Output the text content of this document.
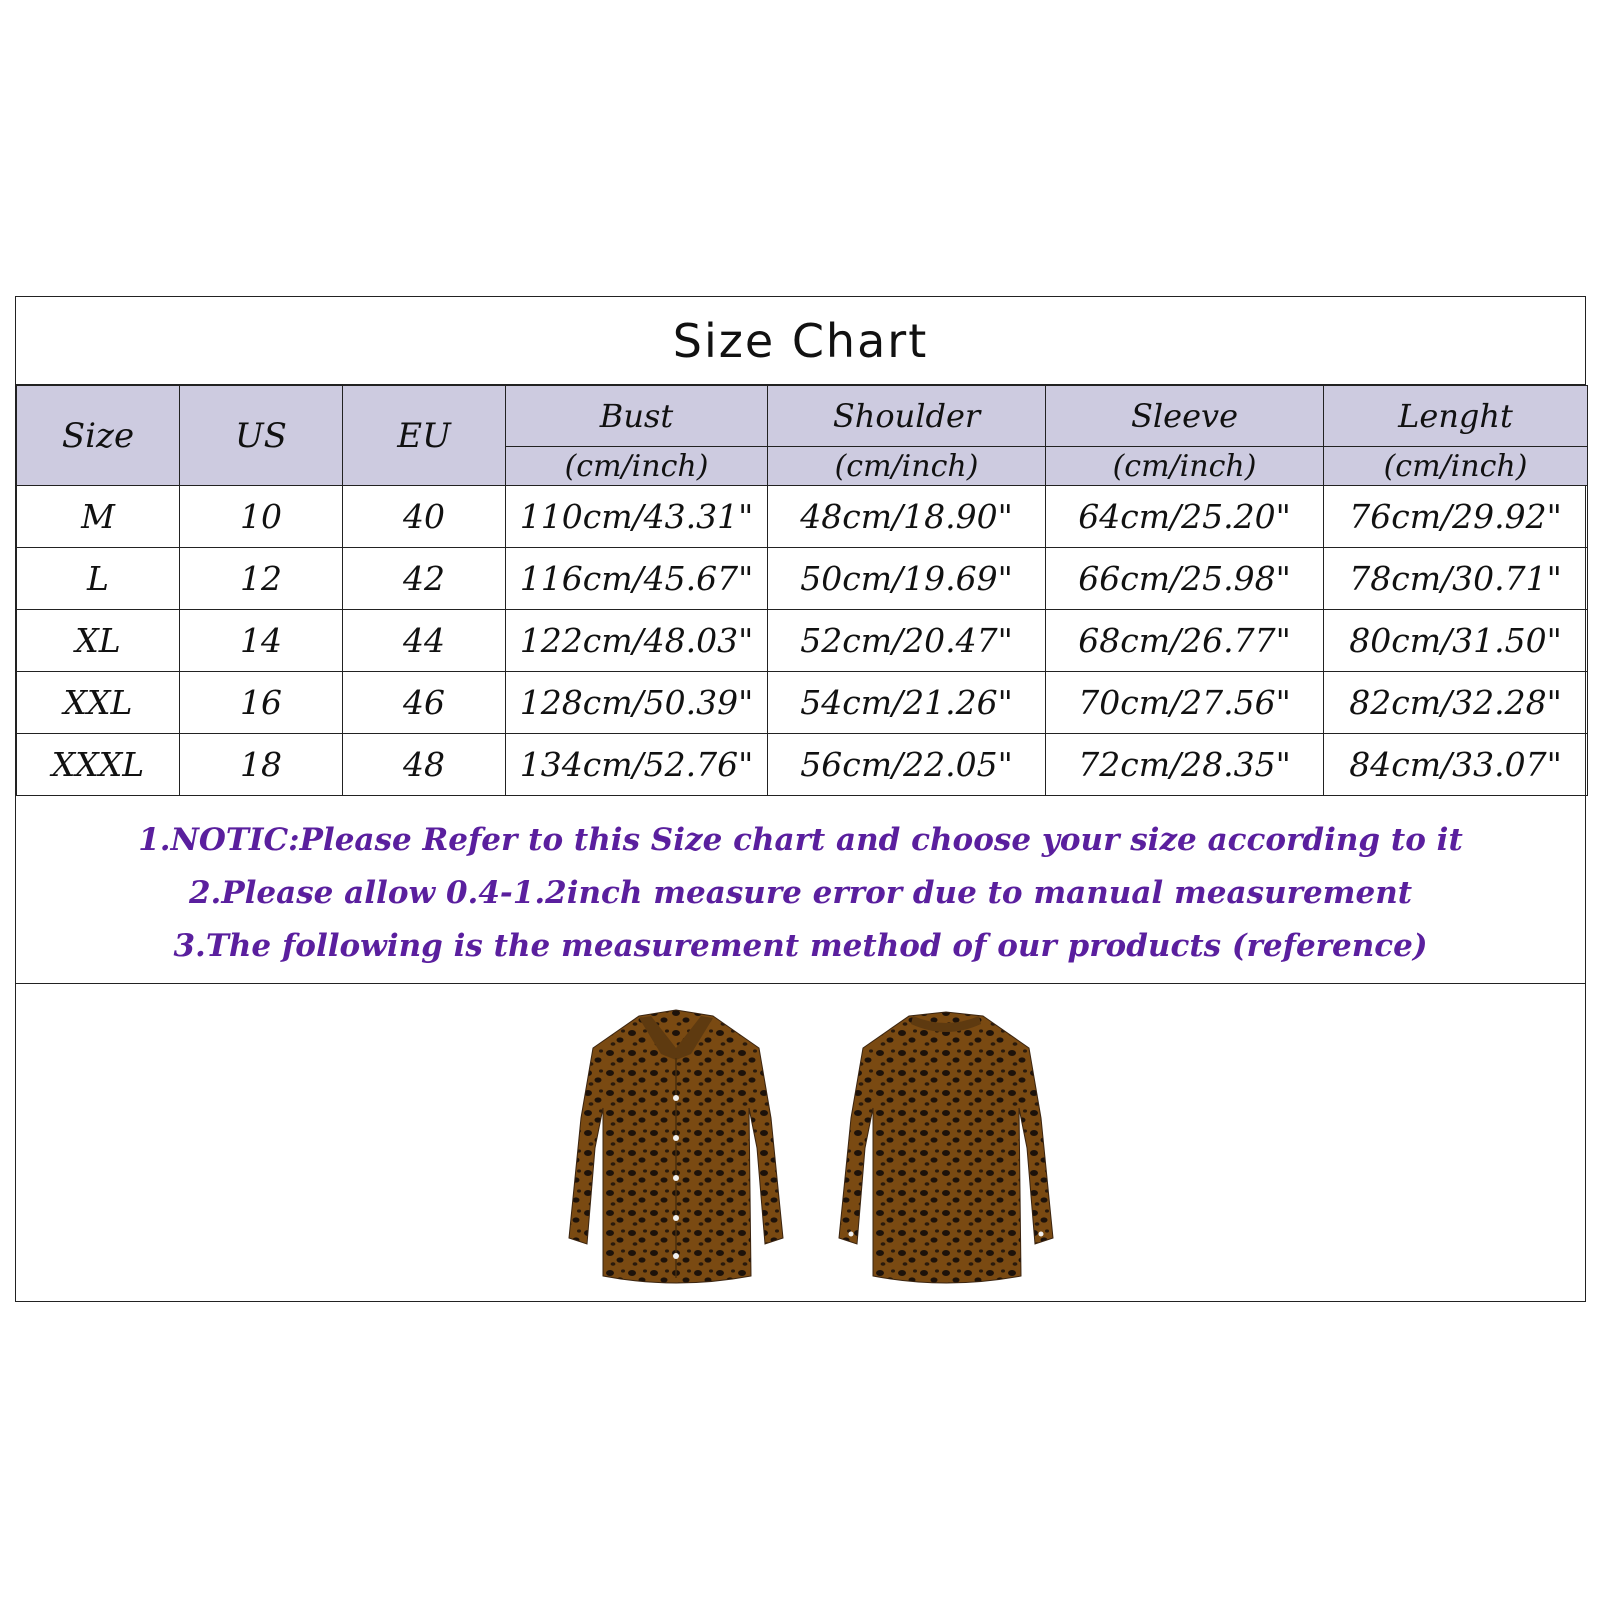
Size Chart
Size	US	EU	Bust	Shoulder	Sleeve	Lenght
			(cm/inch)	(cm/inch)	(cm/inch)	(cm/inch)
M	10	40	110cm/43.31"	48cm/18.90"	64cm/25.20"	76cm/29.92"
L	12	42	116cm/45.67"	50cm/19.69"	66cm/25.98"	78cm/30.71"
XL	14	44	122cm/48.03"	52cm/20.47"	68cm/26.77"	80cm/31.50"
XXL	16	46	128cm/50.39"	54cm/21.26"	70cm/27.56"	82cm/32.28"
XXXL	18	48	134cm/52.76"	56cm/22.05"	72cm/28.35"	84cm/33.07"
1.NOTIC:Please Refer to this Size chart and choose your size according to it
2.Please allow 0.4-1.2inch measure error due to manual measurement
3.The following is the measurement method of our products (reference)
